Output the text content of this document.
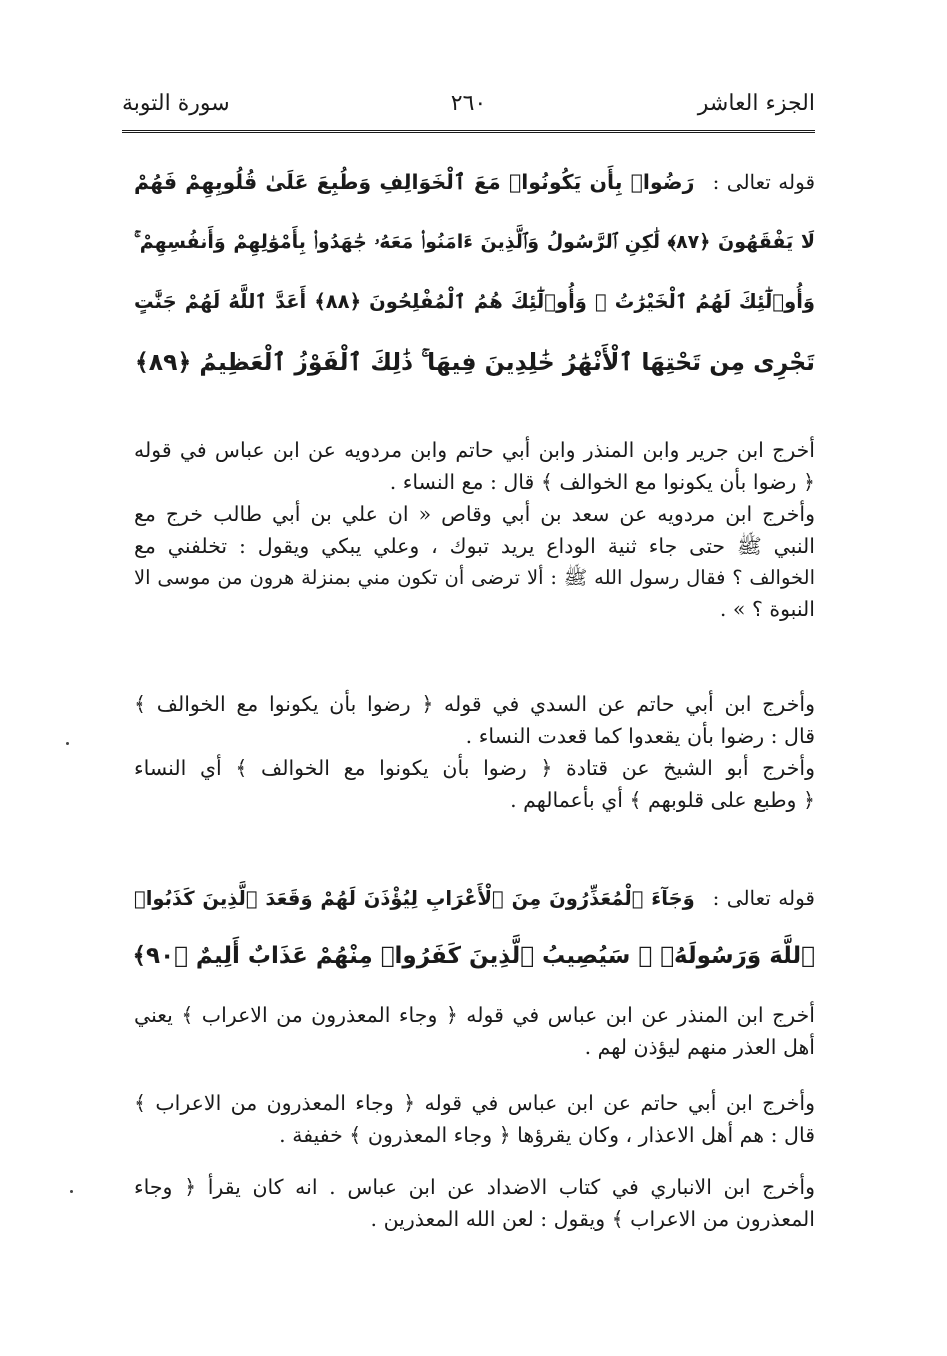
الجزء العاشر
٢٦٠
سورة التوبة
قوله تعالى : رَضُوا۟ بِأَن يَكُونُوا۟ مَعَ ٱلْخَوَالِفِ وَطُبِعَ عَلَىٰ قُلُوبِهِمْ فَهُمْ
لَا يَفْقَهُونَ ﴿٨٧﴾ لَٰكِنِ ٱلرَّسُولُ وَٱلَّذِينَ ءَامَنُوا۟ مَعَهُۥ جَٰهَدُوا۟ بِأَمْوَٰلِهِمْ وَأَنفُسِهِمْ ۚ
وَأُو۟لَٰٓئِكَ لَهُمُ ٱلْخَيْرَٰتُ ۖ وَأُو۟لَٰٓئِكَ هُمُ ٱلْمُفْلِحُونَ ﴿٨٨﴾ أَعَدَّ ٱللَّهُ لَهُمْ جَنَّٰتٍ
تَجْرِى مِن تَحْتِهَا ٱلْأَنْهَٰرُ خَٰلِدِينَ فِيهَا ۚ ذَٰلِكَ ٱلْفَوْزُ ٱلْعَظِيمُ ﴿٨٩﴾
أخرج ابن جرير وابن المنذر وابن أبي حاتم وابن مردويه عن ابن عباس في قوله
﴿ رضوا بأن يكونوا مع الخوالف ﴾ قال : مع النساء .
وأخرج ابن مردويه عن سعد بن أبي وقاص « ان علي بن أبي طالب خرج مع
النبي ﷺ حتى جاء ثنية الوداع يريد تبوك ، وعلي يبكي ويقول : تخلفني مع
الخوالف ؟ فقال رسول الله ﷺ : ألا ترضى أن تكون مني بمنزلة هرون من موسى الا
النبوة ؟ » .
وأخرج ابن أبي حاتم عن السدي في قوله ﴿ رضوا بأن يكونوا مع الخوالف ﴾
قال : رضوا بأن يقعدوا كما قعدت النساء .
وأخرج أبو الشيخ عن قتادة ﴿ رضوا بأن يكونوا مع الخوالف ﴾ أي النساء
﴿ وطبع على قلوبهم ﴾ أي بأعمالهم .
قوله تعالى : وَجَآءَ ٱلْمُعَذِّرُونَ مِنَ ٱلْأَعْرَابِ لِيُؤْذَنَ لَهُمْ وَقَعَدَ ٱلَّذِينَ كَذَبُوا۟
ٱللَّهَ وَرَسُولَهُۥ ۚ سَيُصِيبُ ٱلَّذِينَ كَفَرُوا۟ مِنْهُمْ عَذَابٌ أَلِيمٌ ﴿٩٠﴾
أخرج ابن المنذر عن ابن عباس في قوله ﴿ وجاء المعذرون من الاعراب ﴾ يعني
أهل العذر منهم ليؤذن لهم .
وأخرج ابن أبي حاتم عن ابن عباس في قوله ﴿ وجاء المعذرون من الاعراب ﴾
قال : هم أهل الاعذار ، وكان يقرؤها ﴿ وجاء المعذرون ﴾ خفيفة .
وأخرج ابن الانباري في كتاب الاضداد عن ابن عباس . انه كان يقرأ ﴿ وجاء
المعذرون من الاعراب ﴾ ويقول : لعن الله المعذرين .
